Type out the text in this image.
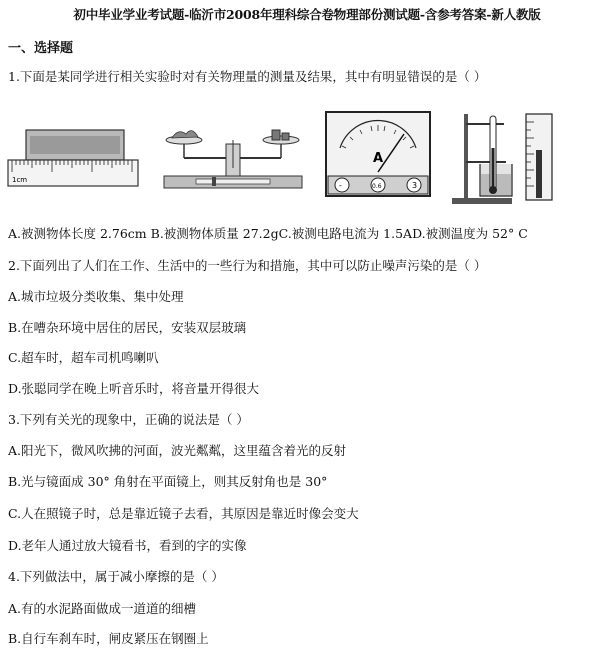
初中毕业学业考试题-临沂市2008年理科综合卷物理部份测试题-含参考答案-新人教版
一、选择题
1.下面是某同学进行相关实验时对有关物理量的测量及结果，其中有明显错误的是（ ）
1cm
A
-	0.6	3
A.被测物体长度 2.76cm B.被测物体质量 27.2gC.被测电路电流为 1.5AD.被测温度为 52° C
2.下面列出了人们在工作、生活中的一些行为和措施，其中可以防止噪声污染的是（ ）
A.城市垃圾分类收集、集中处理
B.在嘈杂环境中居住的居民，安装双层玻璃
C.超车时，超车司机鸣喇叭
D.张聪同学在晚上听音乐时，将音量开得很大
3.下列有关光的现象中，正确的说法是（ ）
A.阳光下，微风吹拂的河面，波光粼粼，这里蕴含着光的反射
B.光与镜面成 30° 角射在平面镜上，则其反射角也是 30°
C.人在照镜子时，总是靠近镜子去看，其原因是靠近时像会变大
D.老年人通过放大镜看书，看到的字的实像
4.下列做法中，属于减小摩擦的是（ ）
A.有的水泥路面做成一道道的细槽
B.自行车刹车时，闸皮紧压在钢圈上
